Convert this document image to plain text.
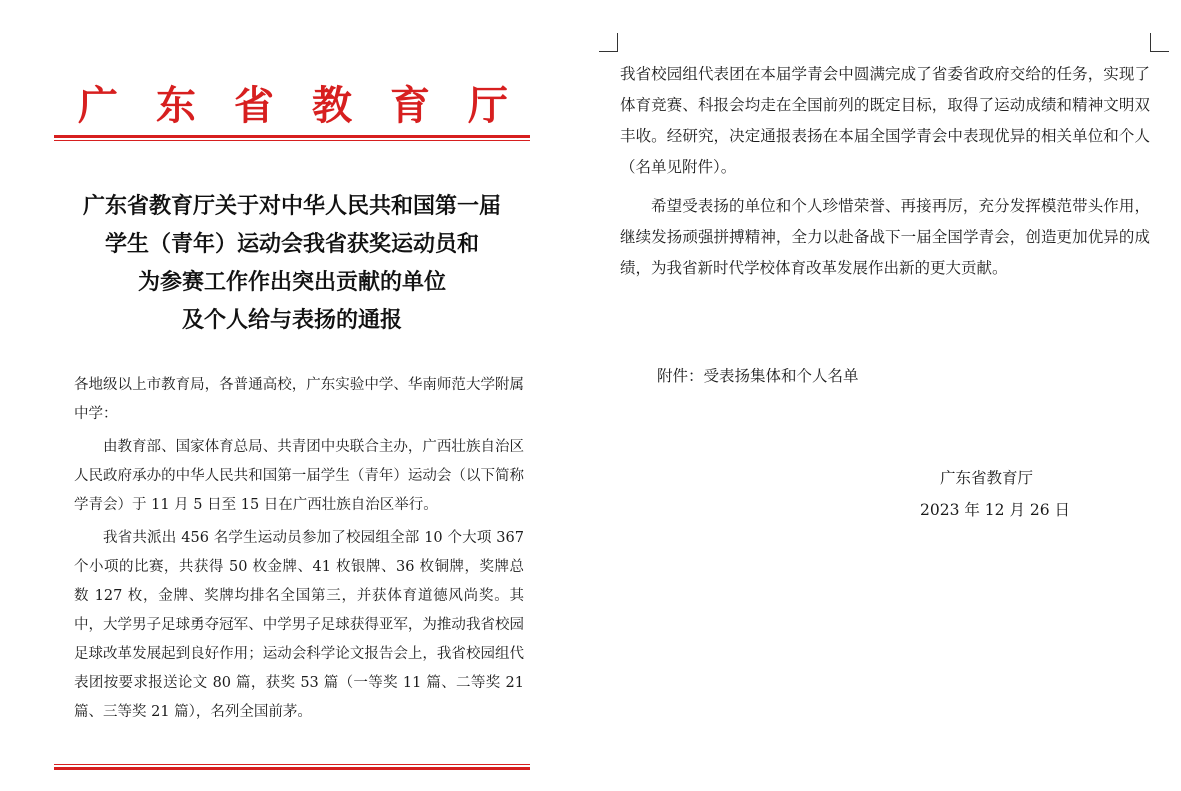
广东省教育厅
广东省教育厅关于对中华人民共和国第一届
学生（青年）运动会我省获奖运动员和
为参赛工作作出突出贡献的单位
及个人给与表扬的通报

各地级以上市教育局，各普通高校，广东实验中学、华南师范大学附属中学：

由教育部、国家体育总局、共青团中央联合主办，广西壮族自治区人民政府承办的中华人民共和国第一届学生（青年）运动会（以下简称学青会）于 11 月 5 日至 15 日在广西壮族自治区举行。

我省共派出 456 名学生运动员参加了校园组全部 10 个大项 367 个小项的比赛，共获得 50 枚金牌、41 枚银牌、36 枚铜牌，奖牌总数 127 枚，金牌、奖牌均排名全国第三，并获体育道德风尚奖。其中，大学男子足球勇夺冠军、中学男子足球获得亚军，为推动我省校园足球改革发展起到良好作用；运动会科学论文报告会上，我省校园组代表团按要求报送论文 80 篇，获奖 53 篇（一等奖 11 篇、二等奖 21 篇、三等奖 21 篇），名列全国前茅。

我省校园组代表团在本届学青会中圆满完成了省委省政府交给的任务，实现了体育竞赛、科报会均走在全国前列的既定目标，取得了运动成绩和精神文明双丰收。经研究，决定通报表扬在本届全国学青会中表现优异的相关单位和个人（名单见附件）。

希望受表扬的单位和个人珍惜荣誉、再接再厉，充分发挥模范带头作用，继续发扬顽强拼搏精神，全力以赴备战下一届全国学青会，创造更加优异的成绩，为我省新时代学校体育改革发展作出新的更大贡献。

附件：受表扬集体和个人名单
广东省教育厅
2023 年 12 月 26 日
